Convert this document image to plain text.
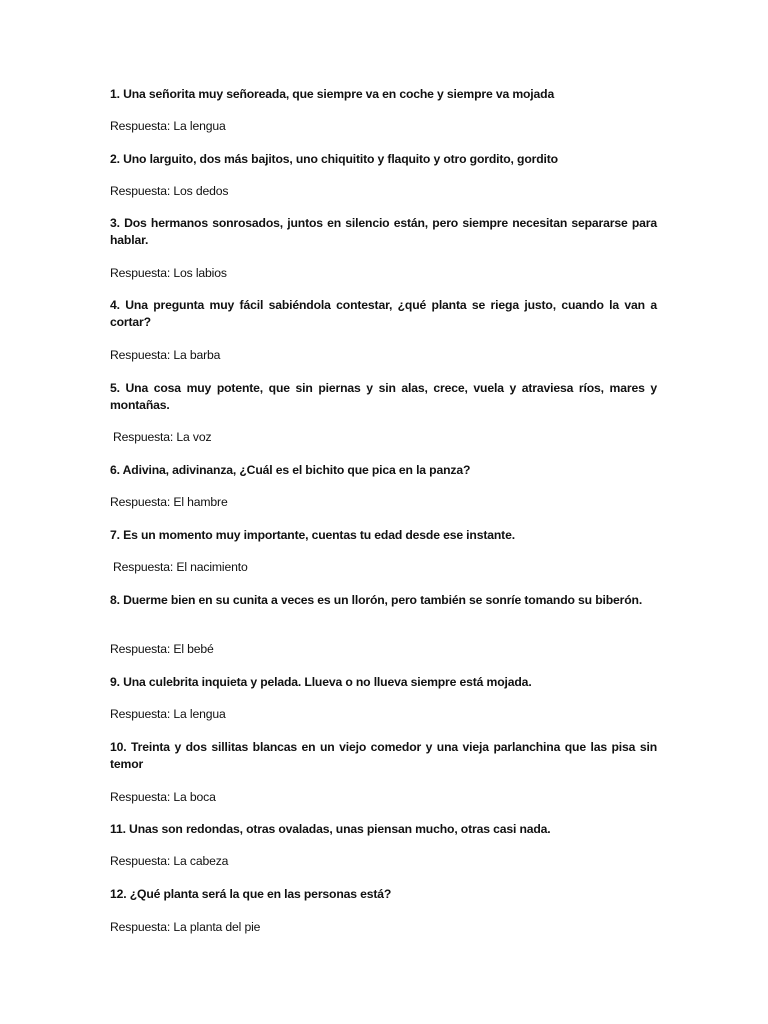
1. Una señorita muy señoreada, que siempre va en coche y siempre va mojada
Respuesta: La lengua
2. Uno larguito, dos más bajitos, uno chiquitito y flaquito y otro gordito, gordito
Respuesta: Los dedos
3. Dos hermanos sonrosados, juntos en silencio están, pero siempre necesitan separarse para hablar.
Respuesta: Los labios
4. Una pregunta muy fácil sabiéndola contestar, ¿qué planta se riega justo, cuando la van a cortar?
Respuesta: La barba
5. Una cosa muy potente, que sin piernas y sin alas, crece, vuela y atraviesa ríos, mares y montañas.
Respuesta: La voz
6. Adivina, adivinanza, ¿Cuál es el bichito que pica en la panza?
Respuesta: El hambre
7. Es un momento muy importante, cuentas tu edad desde ese instante.
Respuesta: El nacimiento
8. Duerme bien en su cunita a veces es un llorón, pero también se sonríe tomando su biberón.
Respuesta: El bebé
9. Una culebrita inquieta y pelada. Llueva o no llueva siempre está mojada.
Respuesta: La lengua
10. Treinta y dos sillitas blancas en un viejo comedor y una vieja parlanchina que las pisa sin temor
Respuesta: La boca
11. Unas son redondas, otras ovaladas, unas piensan mucho, otras casi nada.
Respuesta: La cabeza
12. ¿Qué planta será la que en las personas está?
Respuesta: La planta del pie
